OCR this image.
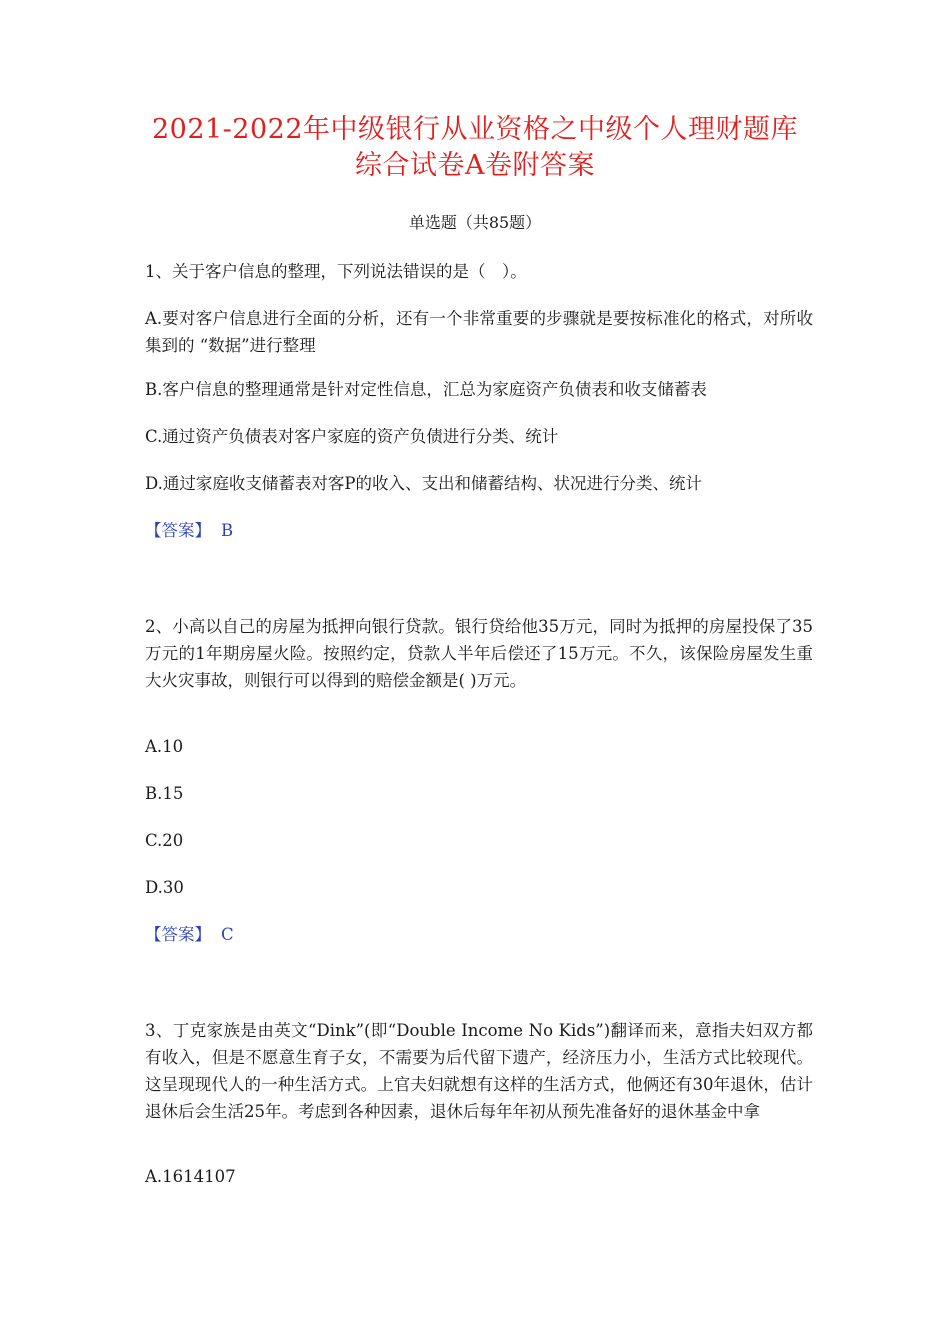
2021-2022年中级银行从业资格之中级个人理财题库
综合试卷A卷附答案
单选题（共85题）
1、关于客户信息的整理，下列说法错误的是（　）。
A.要对客户信息进行全面的分析，还有一个非常重要的步骤就是要按标准化的格式，对所收集到的 “数据”进行整理
B.客户信息的整理通常是针对定性信息，汇总为家庭资产负债表和收支储蓄表
C.通过资产负债表对客户家庭的资产负债进行分类、统计
D.通过家庭收支储蓄表对客P的收入、支出和储蓄结构、状况进行分类、统计
【答案】 B
2、小高以自己的房屋为抵押向银行贷款。银行贷给他35万元，同时为抵押的房屋投保了35万元的1年期房屋火险。按照约定，贷款人半年后偿还了15万元。不久，该保险房屋发生重大火灾事故，则银行可以得到的赔偿金额是( )万元。
A.10
B.15
C.20
D.30
【答案】 C
3、丁克家族是由英文“Dink”(即“Double Income No Kids”)翻译而来，意指夫妇双方都有收入，但是不愿意生育子女，不需要为后代留下遗产，经济压力小，生活方式比较现代。这呈现现代人的一种生活方式。上官夫妇就想有这样的生活方式，他俩还有30年退休，估计退休后会生活25年。考虑到各种因素，退休后每年年初从预先准备好的退休基金中拿
A.1614107
